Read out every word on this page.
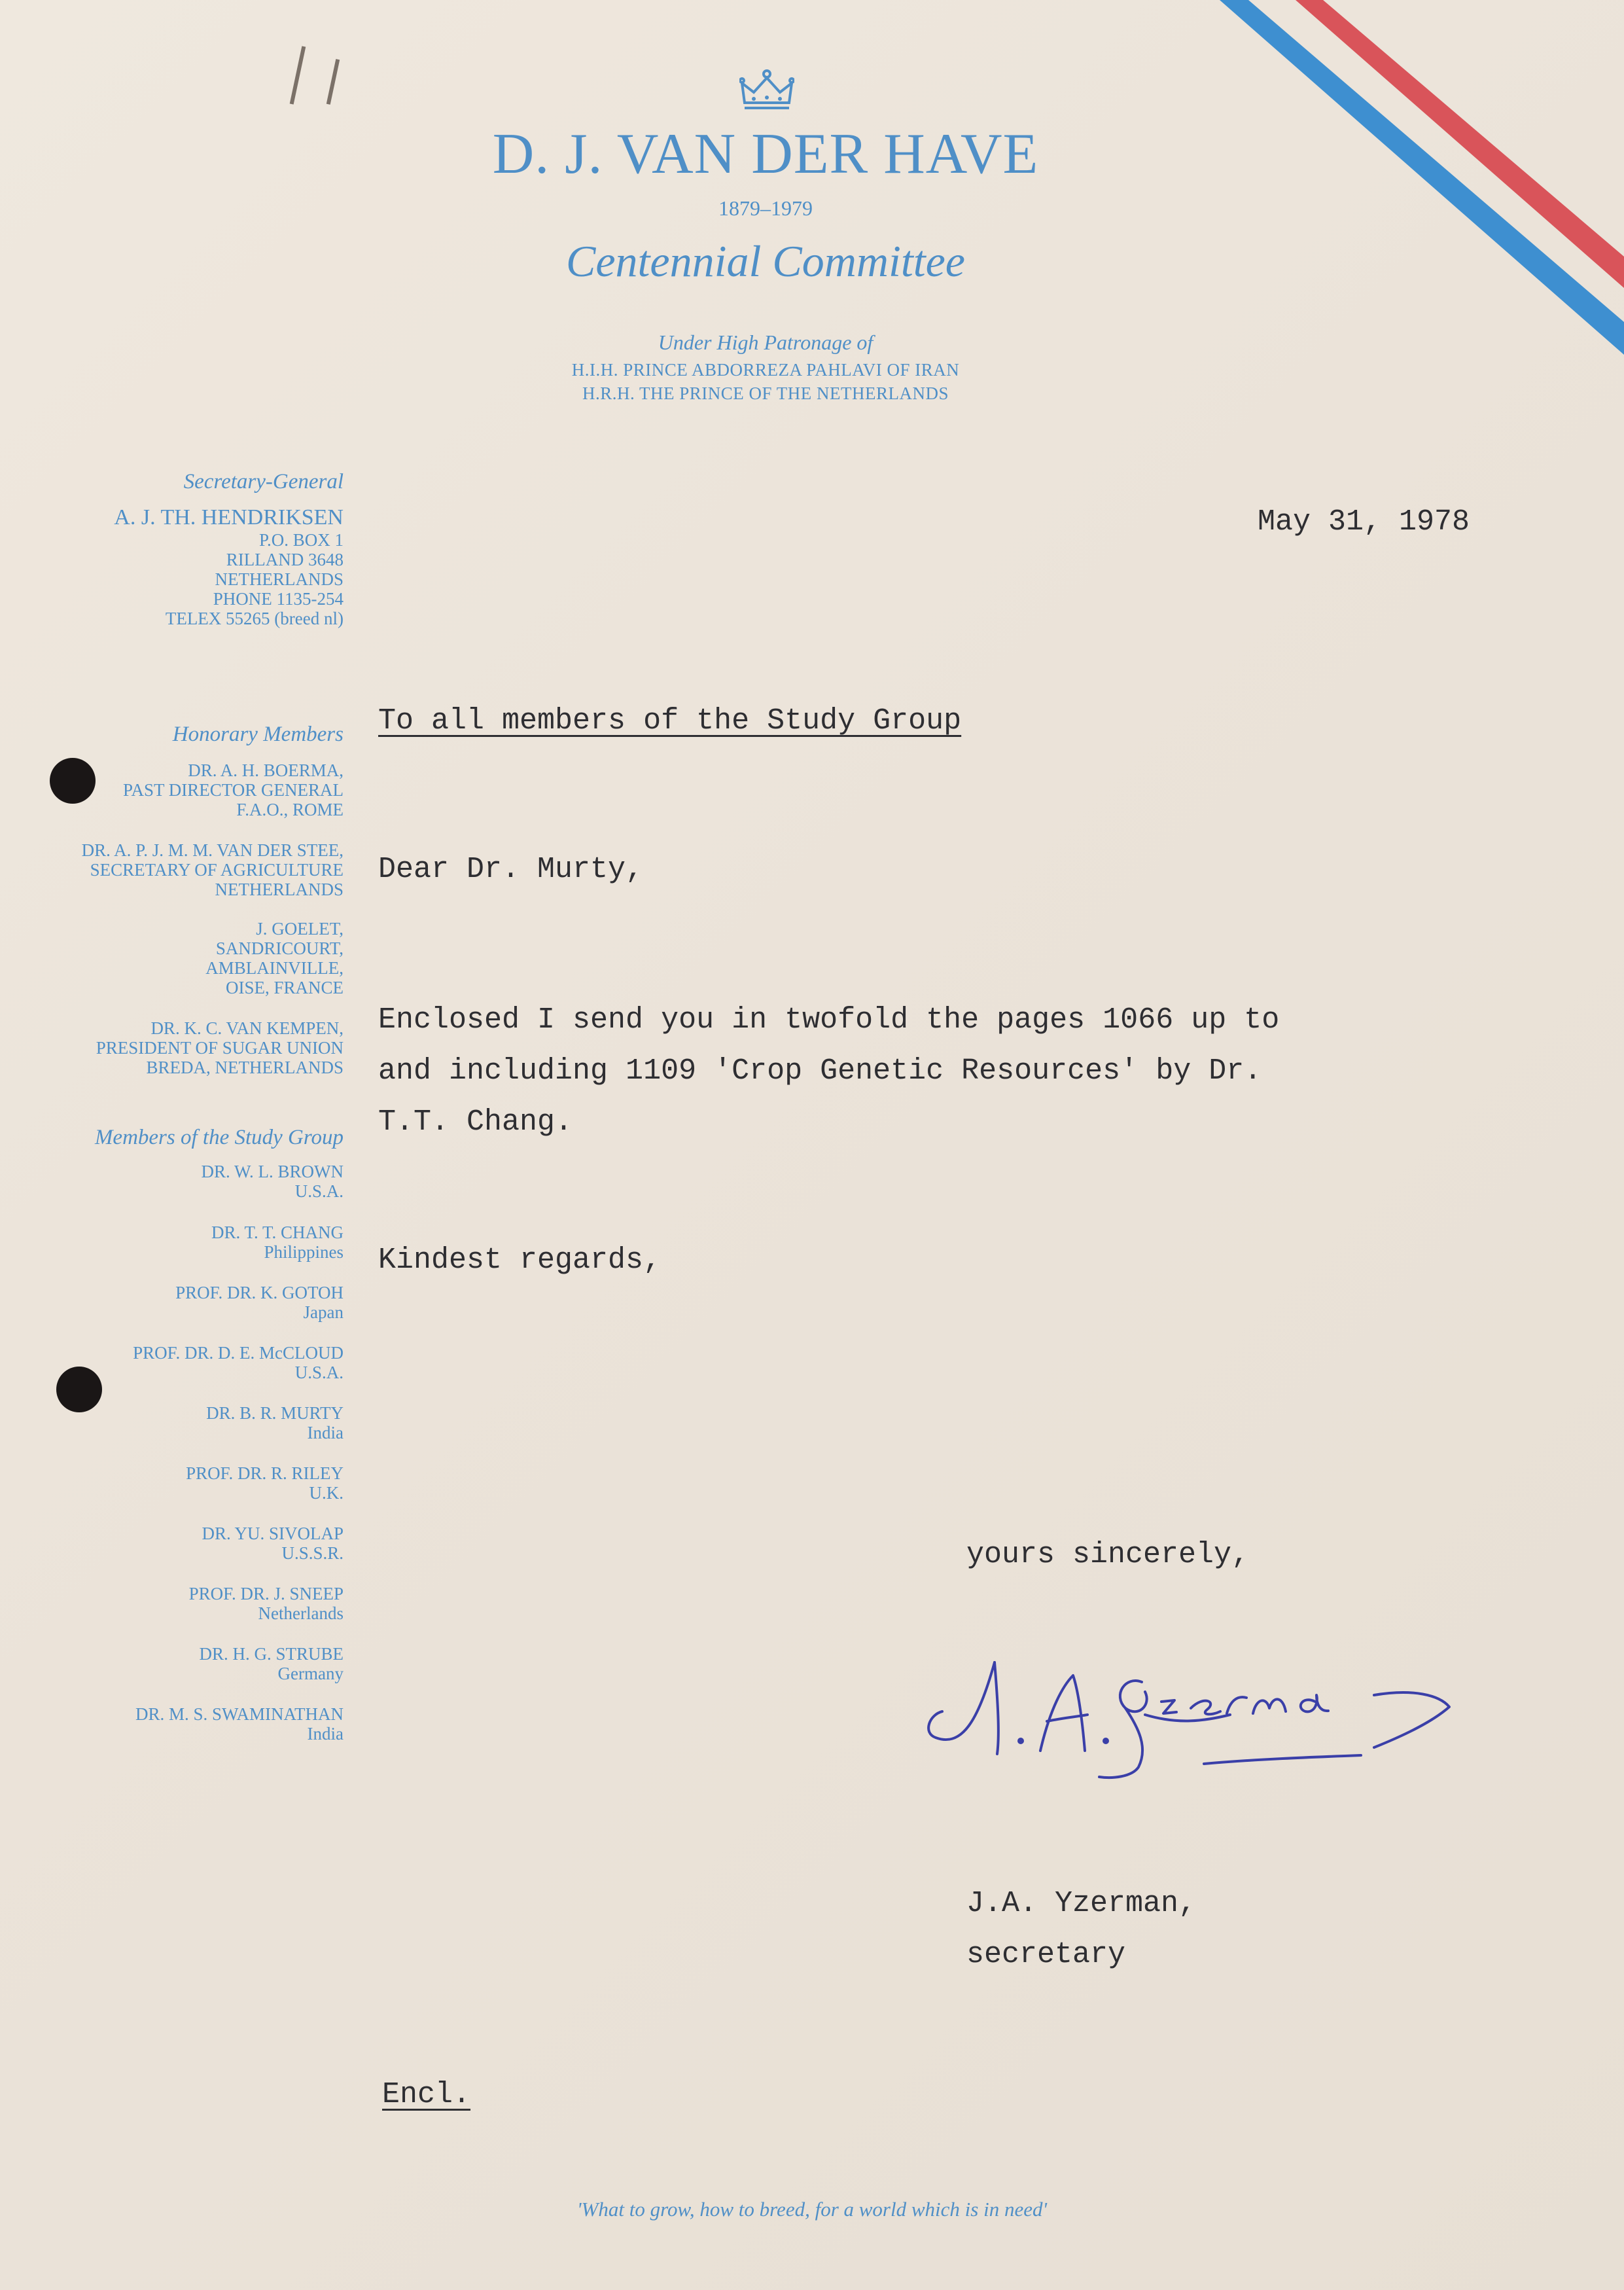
D. J. VAN DER HAVE
1879–1979
Centennial Committee
Under High Patronage of
H.I.H. PRINCE ABDORREZA PAHLAVI OF IRAN
H.R.H. THE PRINCE OF THE NETHERLANDS
Secretary-General
A. J. TH. HENDRIKSEN
P.O. BOX 1
RILLAND 3648
NETHERLANDS
PHONE 1135-254
TELEX 55265 (breed nl)
Honorary Members
DR. A. H. BOERMA,
PAST DIRECTOR GENERAL
F.A.O., ROME
DR. A. P. J. M. M. VAN DER STEE,
SECRETARY OF AGRICULTURE
NETHERLANDS
J. GOELET,
SANDRICOURT,
AMBLAINVILLE,
OISE, FRANCE
DR. K. C. VAN KEMPEN,
PRESIDENT OF SUGAR UNION
BREDA, NETHERLANDS
Members of the Study Group
DR. W. L. BROWN
U.S.A.
DR. T. T. CHANG
Philippines
PROF. DR. K. GOTOH
Japan
PROF. DR. D. E. McCLOUD
U.S.A.
DR. B. R. MURTY
India
PROF. DR. R. RILEY
U.K.
DR. YU. SIVOLAP
U.S.S.R.
PROF. DR. J. SNEEP
Netherlands
DR. H. G. STRUBE
Germany
DR. M. S. SWAMINATHAN
India
May 31, 1978
To all members of the Study Group
Dear Dr. Murty,
Enclosed I send you in twofold the pages 1066 up to
and including 1109 'Crop Genetic Resources' by Dr.
T.T. Chang.
Kindest regards,
yours sincerely,
J.A. Yzerman,
secretary
Encl.
'What to grow, how to breed, for a world which is in need'
